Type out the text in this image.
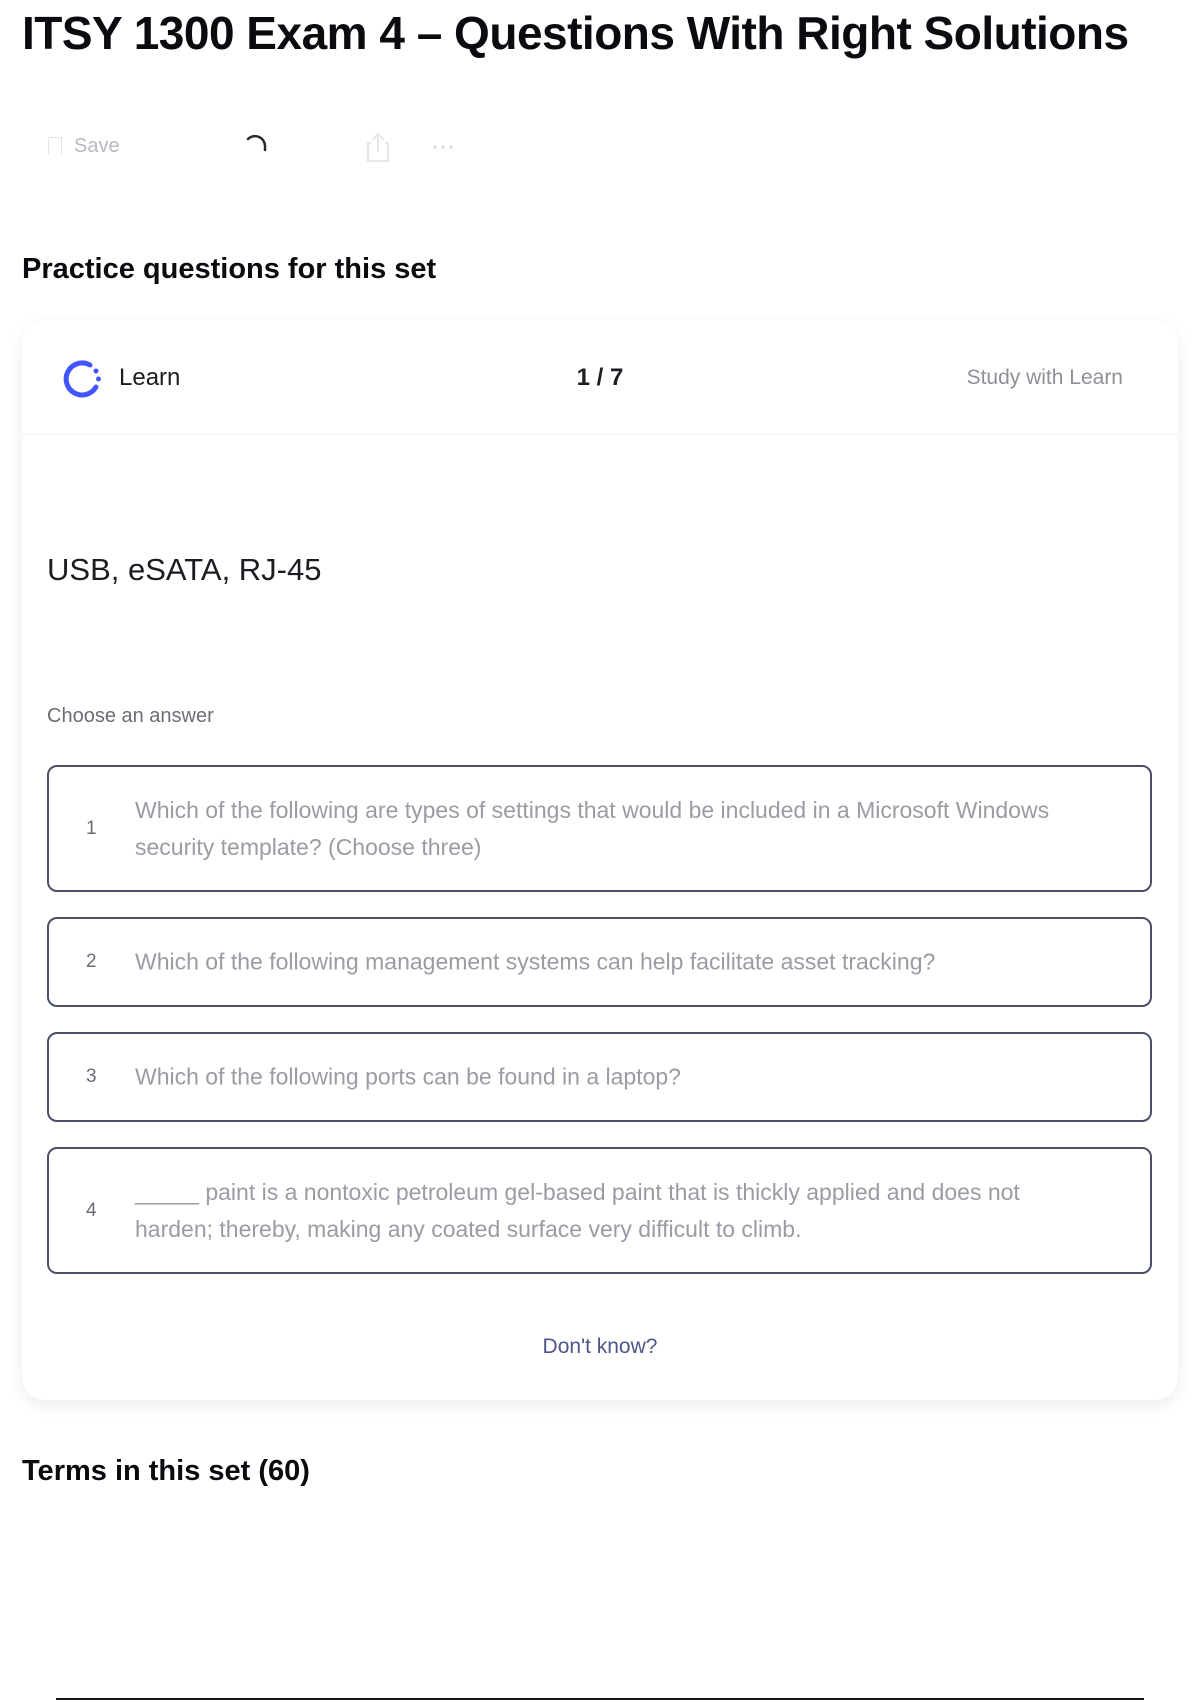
ITSY 1300 Exam 4 – Questions With Right Solutions
Save
Practice questions for this set
Learn	1 / 7	Study with Learn
USB, eSATA, RJ-45
Choose an answer
1
Which of the following are types of settings that would be included in a Microsoft Windows security template? (Choose three)
2 Which of the following management systems can help facilitate asset tracking?
3 Which of the following ports can be found in a laptop?
4
_____ paint is a nontoxic petroleum gel-based paint that is thickly applied and does not harden; thereby, making any coated surface very difficult to climb.
Don't know?
Terms in this set (60)
